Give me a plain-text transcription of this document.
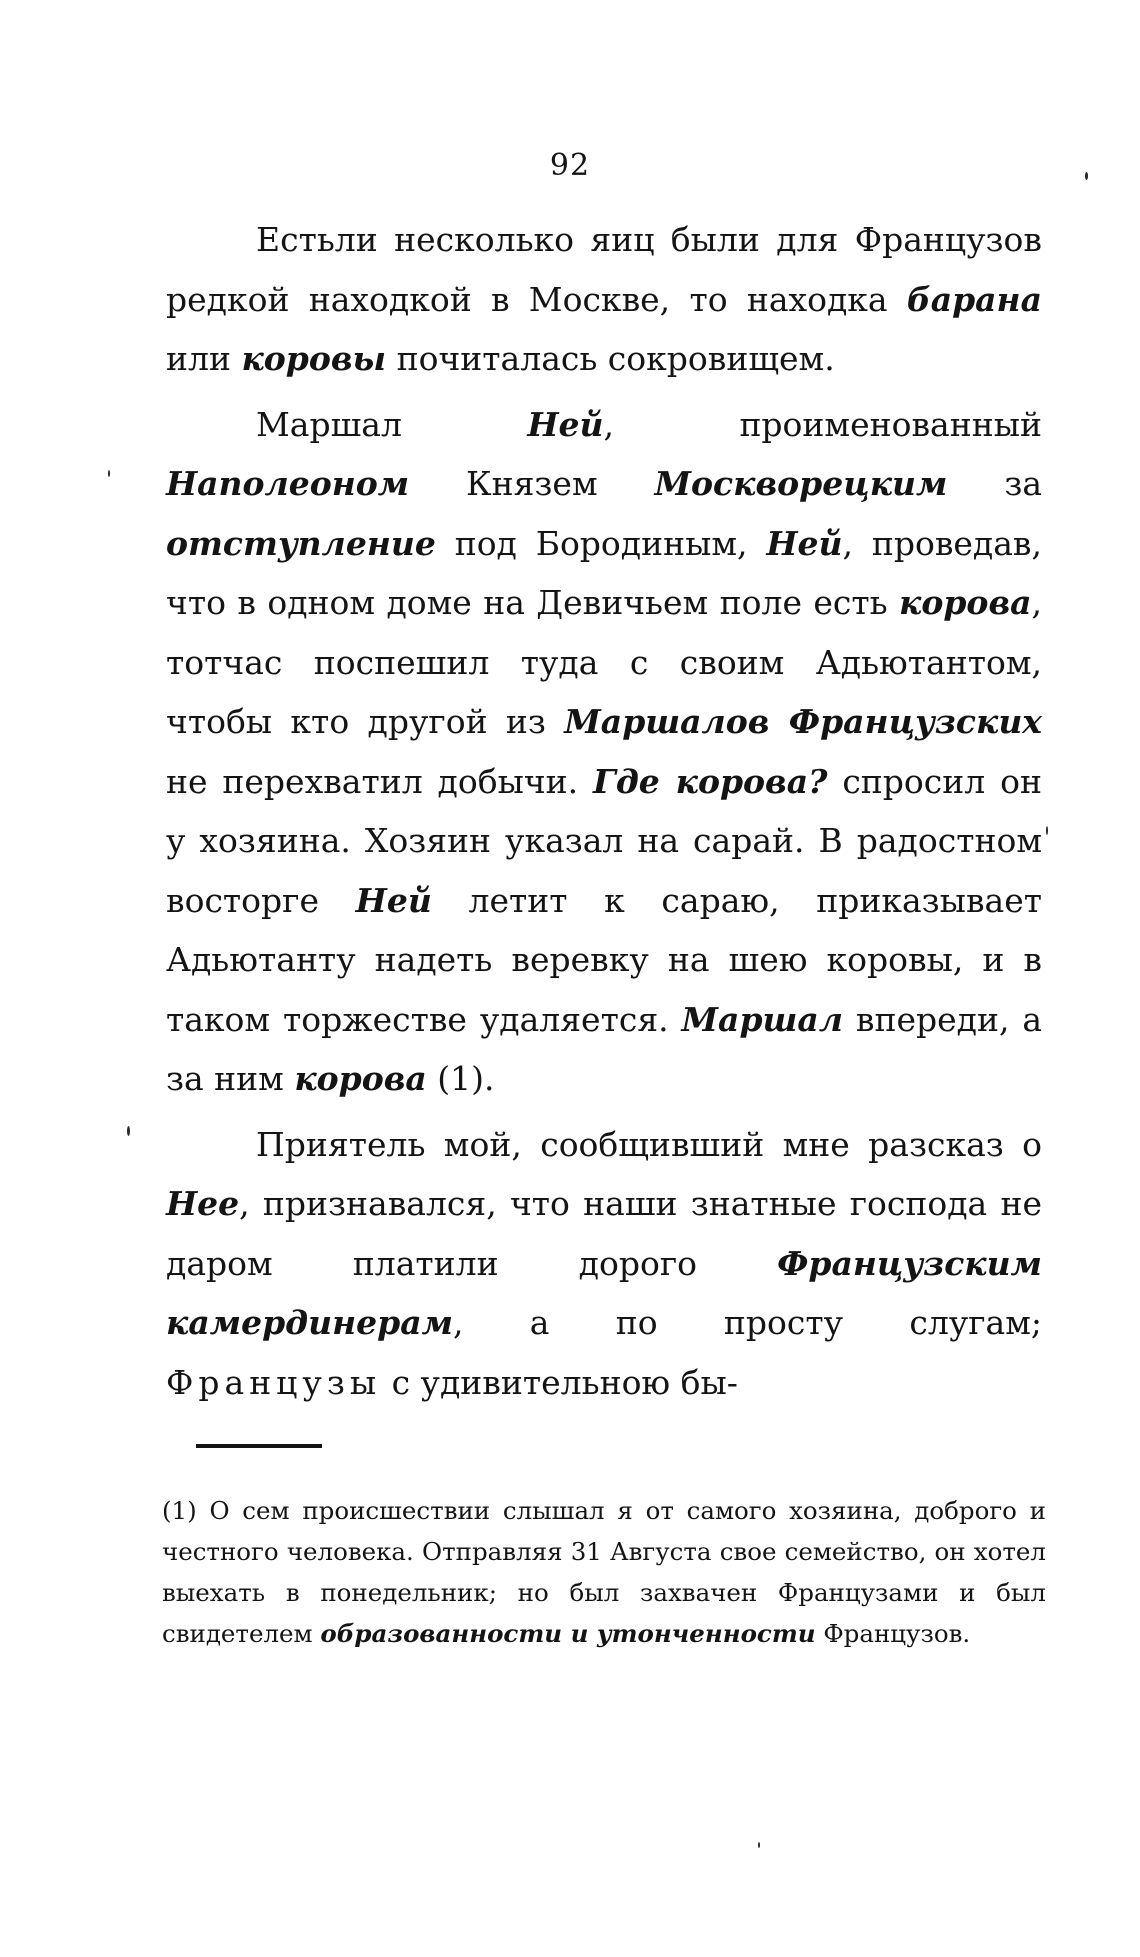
92

Естьли несколько яиц были для Французов редкой находкой в Москве, то находка барана или коровы почиталась сокровищем.

Маршал Ней, проименованный Наполеоном Князем Москворецким за отступление под Бородиным, Ней, проведав, что в одном доме на Девичьем поле есть корова, тотчас поспешил туда с своим Адьютантом, чтобы кто другой из Маршалов Французских не перехватил добычи. Где корова? спросил он у хозяина. Хозяин указал на сарай. В радостном восторге Ней летит к сараю, приказывает Адьютанту надеть веревку на шею коровы, и в таком торжестве удаляется. Маршал впереди, а за ним корова (1).

Приятель мой, сообщивший мне разсказ о Нее, признавался, что наши знатные господа не даром платили дорого Французским камердинерам, а по просту слугам; Французы с удивительною бы-

(1) О сем происшествии слышал я от самого хозяина, доброго и честного человека. Отправляя 31 Августа свое семейство, он хотел выехать в понедельник; но был захвачен Французами и был свидетелем образованности и утонченности Французов.
